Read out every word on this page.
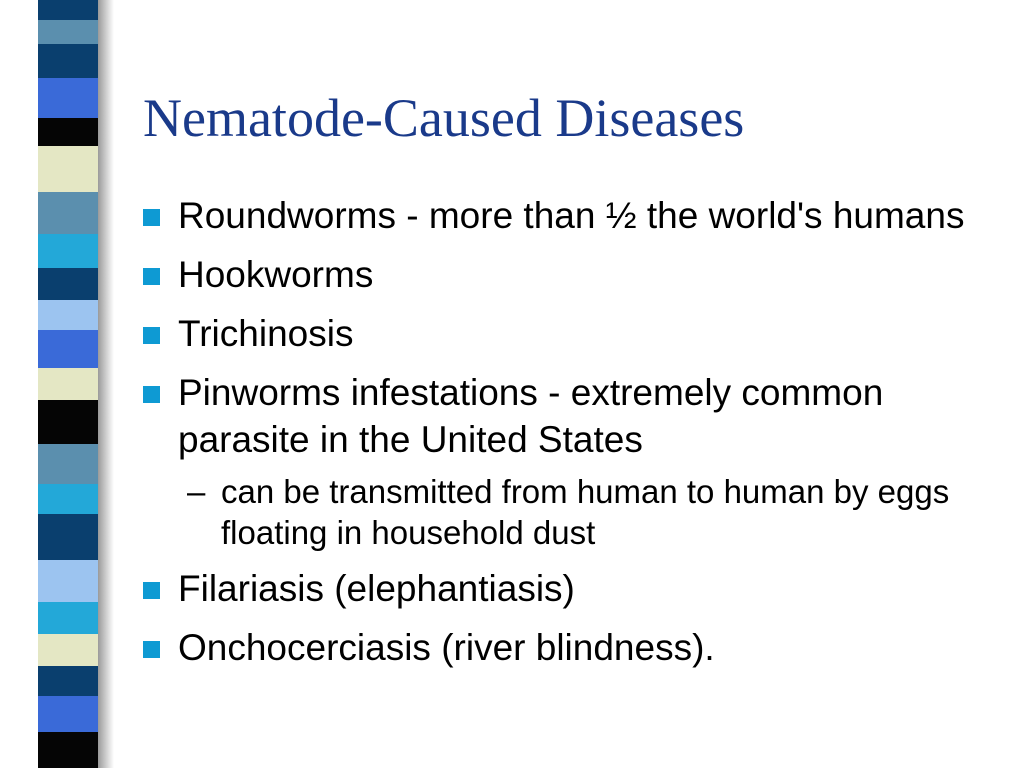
Nematode-Caused Diseases
Roundworms - more than ½ the world's humans
Hookworms
Trichinosis
Pinworms infestations - extremely common parasite in the United States
– can be transmitted from human to human by eggs floating in household dust
Filariasis (elephantiasis)
Onchocerciasis (river blindness).
